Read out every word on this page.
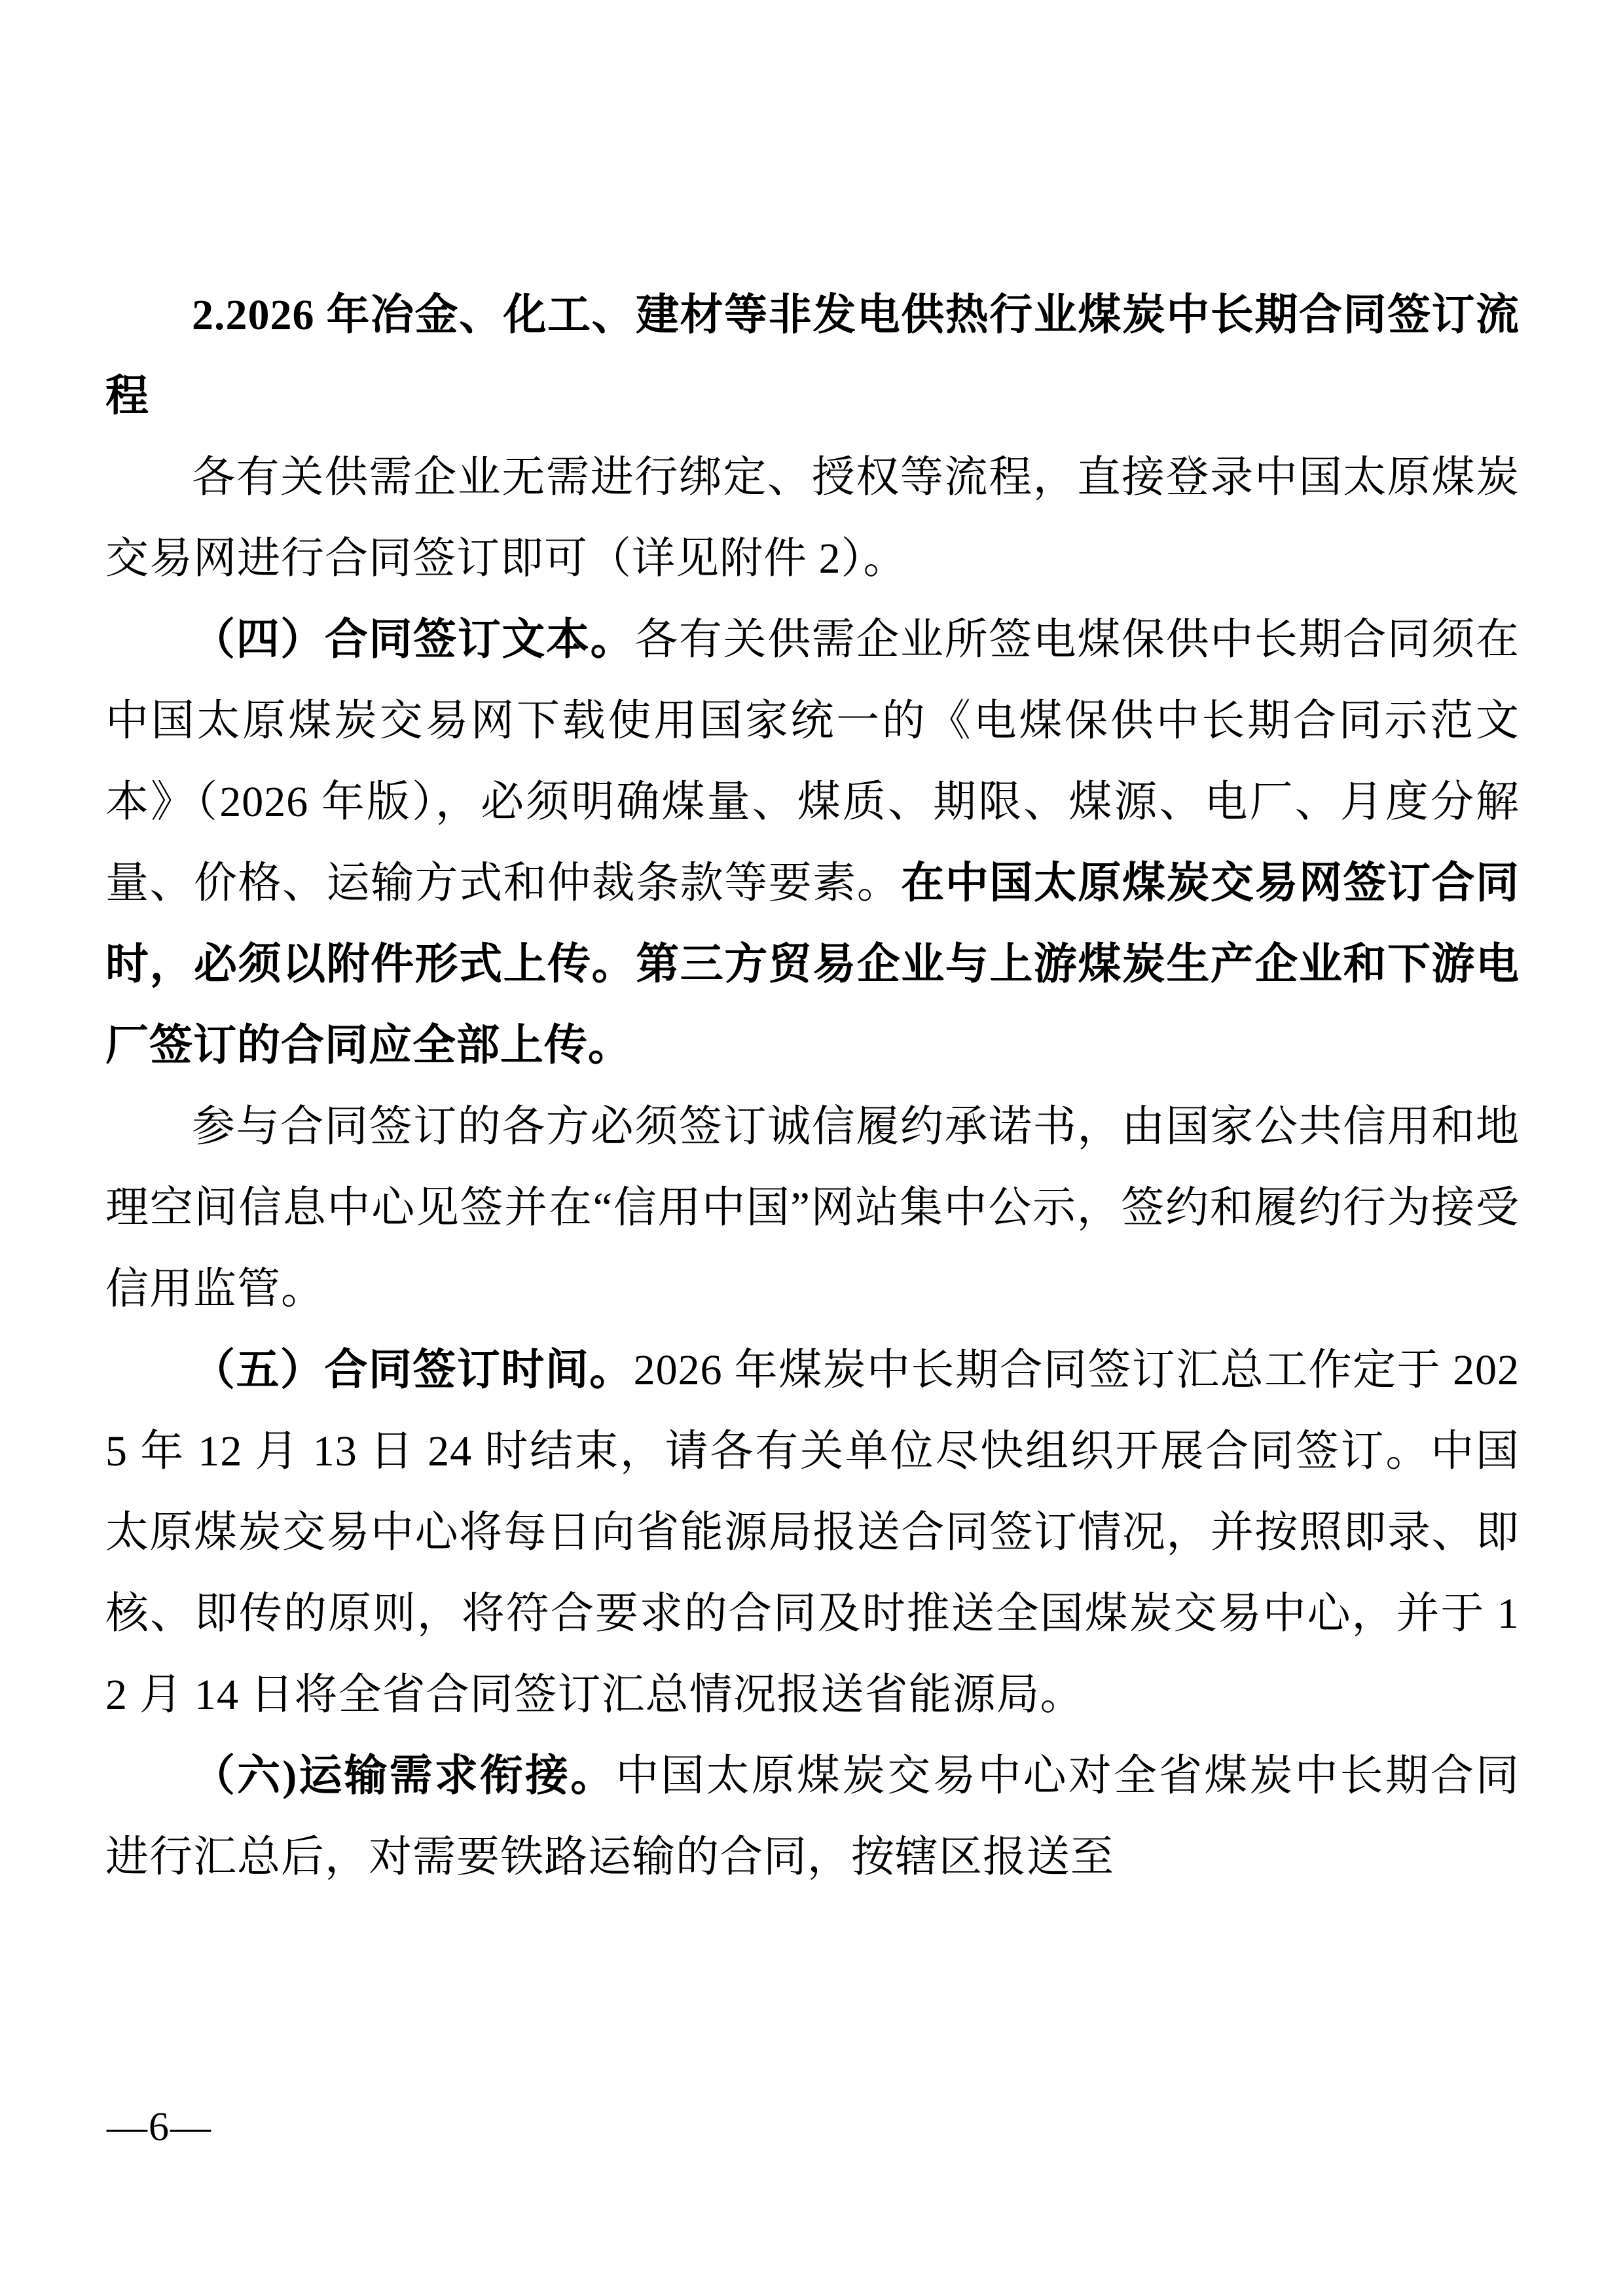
2.2026 年冶金、化工、建材等非发电供热行业煤炭中长期合同签订流程

各有关供需企业无需进行绑定、授权等流程，直接登录中国太原煤炭交易网进行合同签订即可（详见附件 2）。

（四）合同签订文本。各有关供需企业所签电煤保供中长期合同须在中国太原煤炭交易网下载使用国家统一的《电煤保供中长期合同示范文本》（2026 年版），必须明确煤量、煤质、期限、煤源、电厂、月度分解量、价格、运输方式和仲裁条款等要素。在中国太原煤炭交易网签订合同时，必须以附件形式上传。第三方贸易企业与上游煤炭生产企业和下游电厂签订的合同应全部上传。

参与合同签订的各方必须签订诚信履约承诺书，由国家公共信用和地理空间信息中心见签并在“信用中国”网站集中公示，签约和履约行为接受信用监管。

（五）合同签订时间。2026 年煤炭中长期合同签订汇总工作定于 2025 年 12 月 13 日 24 时结束，请各有关单位尽快组织开展合同签订。中国太原煤炭交易中心将每日向省能源局报送合同签订情况，并按照即录、即核、即传的原则，将符合要求的合同及时推送全国煤炭交易中心，并于 12 月 14 日将全省合同签订汇总情况报送省能源局。

（六)运输需求衔接。中国太原煤炭交易中心对全省煤炭中长期合同进行汇总后，对需要铁路运输的合同，按辖区报送至

—6—
